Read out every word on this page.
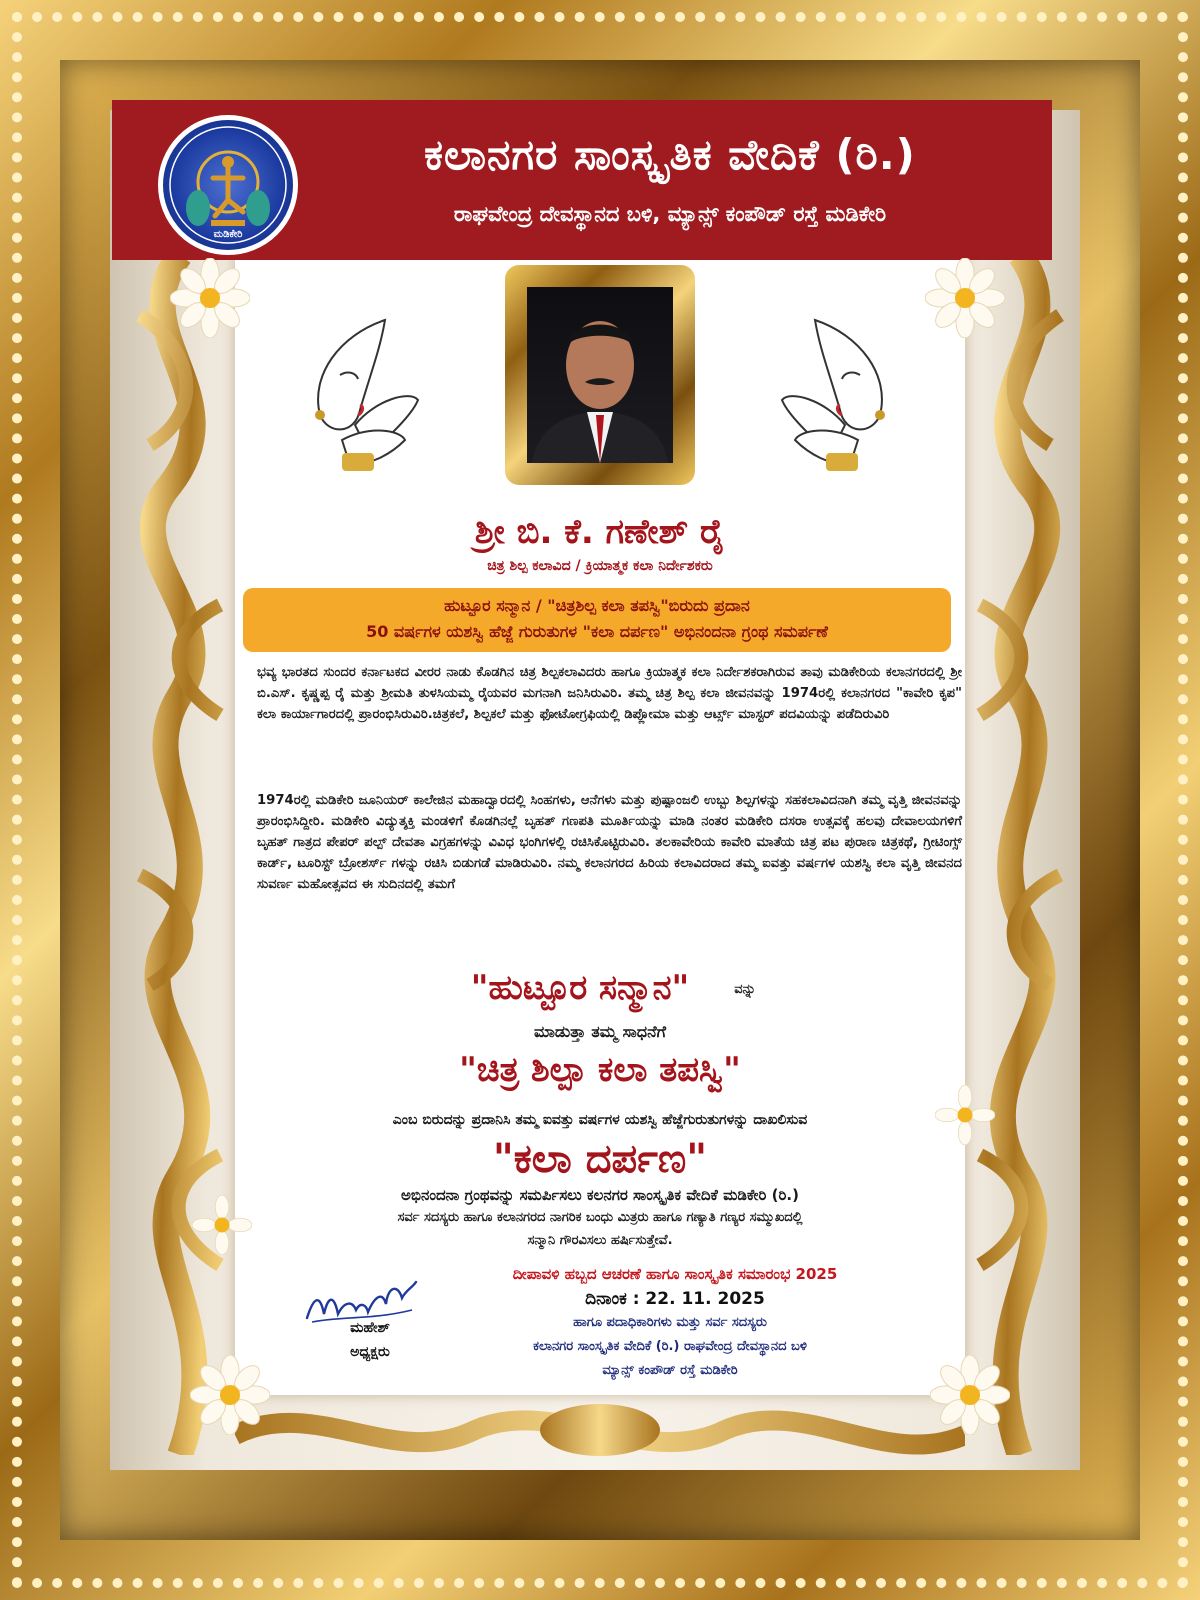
ಮಡಿಕೇರಿ
ಕಲಾನಗರ ಸಾಂಸ್ಕೃತಿಕ ವೇದಿಕೆ (ರಿ.)
ರಾಘವೇಂದ್ರ ದೇವಸ್ಥಾನದ ಬಳಿ, ಮ್ಯಾನ್ಸ್ ಕಂಪೌಡ್ ರಸ್ತೆ ಮಡಿಕೇರಿ
ಶ್ರೀ ಬಿ. ಕೆ. ಗಣೇಶ್ ರೈ
ಚಿತ್ರ ಶಿಲ್ಪ ಕಲಾವಿದ / ಕ್ರಿಯಾತ್ಮಕ ಕಲಾ ನಿರ್ದೇಶಕರು
ಹುಟ್ಟೂರ ಸನ್ಮಾನ / "ಚಿತ್ರಶಿಲ್ಪ ಕಲಾ ತಪಸ್ವಿ"ಬಿರುದು ಪ್ರದಾನ
50 ವರ್ಷಗಳ ಯಶಸ್ವಿ ಹೆಜ್ಜೆ ಗುರುತುಗಳ "ಕಲಾ ದರ್ಪಣ" ಅಭಿನಂದನಾ ಗ್ರಂಥ ಸಮರ್ಪಣೆ
ಭವ್ಯ ಭಾರತದ ಸುಂದರ ಕರ್ನಾಟಕದ ವೀರರ ನಾಡು ಕೊಡಗಿನ ಚಿತ್ರ ಶಿಲ್ಪಕಲಾವಿದರು ಹಾಗೂ ಕ್ರಿಯಾತ್ಮಕ ಕಲಾ ನಿರ್ದೇಶಕರಾಗಿರುವ ತಾವು ಮಡಿಕೇರಿಯ ಕಲಾನಗರದಲ್ಲಿ ಶ್ರೀ ಬಿ.ಎಸ್. ಕೃಷ್ಣಪ್ಪ ರೈ ಮತ್ತು ಶ್ರೀಮತಿ ತುಳಸಿಯಮ್ಮ ರೈಯವರ ಮಗನಾಗಿ ಜನಿಸಿರುವಿರಿ. ತಮ್ಮ ಚಿತ್ರ ಶಿಲ್ಪ ಕಲಾ ಜೀವನವನ್ನು 1974ರಲ್ಲಿ ಕಲಾನಗರದ "ಕಾವೇರಿ ಕೃಪ" ಕಲಾ ಕಾರ್ಯಾಗಾರದಲ್ಲಿ ಪ್ರಾರಂಭಿಸಿರುವಿರಿ.ಚಿತ್ರಕಲೆ, ಶಿಲ್ಪಕಲೆ ಮತ್ತು ಫೋಟೋಗ್ರಫಿಯಲ್ಲಿ ಡಿಪ್ಲೋಮಾ ಮತ್ತು ಆರ್ಟ್ಸ್ ಮಾಸ್ಟರ್ ಪದವಿಯನ್ನು ಪಡೆದಿರುವಿರಿ
1974ರಲ್ಲಿ ಮಡಿಕೇರಿ ಜೂನಿಯರ್ ಕಾಲೇಜಿನ ಮಹಾದ್ವಾರದಲ್ಲಿ ಸಿಂಹಗಳು, ಆನೆಗಳು ಮತ್ತು ಪುಷ್ಪಾಂಜಲಿ ಉಬ್ಬು ಶಿಲ್ಪಗಳನ್ನು ಸಹಕಲಾವಿದನಾಗಿ ತಮ್ಮ ವೃತ್ತಿ ಜೀವನವನ್ನು ಪ್ರಾರಂಭಿಸಿದ್ದೀರಿ. ಮಡಿಕೇರಿ ವಿದ್ಯುತ್ಶಕ್ತಿ ಮಂಡಳಿಗೆ ಕೊಡಗಿನಲ್ಲೆ ಬೃಹತ್ ಗಣಪತಿ ಮೂರ್ತಿಯನ್ನು ಮಾಡಿ ನಂತರ ಮಡಿಕೇರಿ ದಸರಾ ಉತ್ಸವಕ್ಕೆ ಹಲವು ದೇವಾಲಯಗಳಿಗೆ ಬೃಹತ್ ಗಾತ್ರದ ಪೇಪರ್ ಪಲ್ಪ್ ದೇವತಾ ವಿಗ್ರಹಗಳನ್ನು ವಿವಿಧ ಭಂಗಿಗಳಲ್ಲಿ ರಚಿಸಿಕೊಟ್ಟಿರುವಿರಿ. ತಲಕಾವೇರಿಯ ಕಾವೇರಿ ಮಾತೆಯ ಚಿತ್ರ ಪಟ ಪುರಾಣ ಚಿತ್ರಕಥೆ, ಗ್ರೀಟಿಂಗ್ಸ್ ಕಾರ್ಡ್, ಟೂರಿಸ್ಟ್ ಬ್ರೋಶರ್ಸ್ ಗಳನ್ನು ರಚಿಸಿ ಬಿಡುಗಡೆ ಮಾಡಿರುವಿರಿ. ನಮ್ಮ ಕಲಾನಗರದ ಹಿರಿಯ ಕಲಾವಿದರಾದ ತಮ್ಮ ಐವತ್ತು ವರ್ಷಗಳ ಯಶಸ್ವಿ ಕಲಾ ವೃತ್ತಿ ಜೀವನದ ಸುವರ್ಣ ಮಹೋತ್ಸವದ ಈ ಸುದಿನದಲ್ಲಿ ತಮಗೆ
"ಹುಟ್ಟೂರ ಸನ್ಮಾನ"	ವನ್ನು
ಮಾಡುತ್ತಾ ತಮ್ಮ ಸಾಧನೆಗೆ
"ಚಿತ್ರ ಶಿಲ್ಪಾ ಕಲಾ ತಪಸ್ವಿ"
ಎಂಬ ಬಿರುದನ್ನು ಪ್ರದಾನಿಸಿ ತಮ್ಮ ಐವತ್ತು ವರ್ಷಗಳ ಯಶಸ್ವಿ ಹೆಜ್ಜೆಗುರುತುಗಳನ್ನು ದಾಖಲಿಸುವ
"ಕಲಾ ದರ್ಪಣ"
ಅಭಿನಂದನಾ ಗ್ರಂಥವನ್ನು ಸಮರ್ಪಿಸಲು ಕಲನಗರ ಸಾಂಸ್ಕೃತಿಕ ವೇದಿಕೆ ಮಡಿಕೇರಿ (ರಿ.)
ಸರ್ವ ಸದಸ್ಯರು ಹಾಗೂ ಕಲಾನಗರದ ನಾಗರಿಕ ಬಂಧು ಮಿತ್ರರು ಹಾಗೂ ಗಣ್ಯಾತಿ ಗಣ್ಯರ ಸಮ್ಮುಖದಲ್ಲಿ
ಸನ್ಮಾನಿ ಗೌರವಿಸಲು ಹರ್ಷಿಸುತ್ತೇವೆ.
ದೀಪಾವಳಿ ಹಬ್ಬದ ಆಚರಣೆ ಹಾಗೂ ಸಾಂಸ್ಕೃತಿಕ ಸಮಾರಂಭ 2025
ದಿನಾಂಕ : 22. 11. 2025
ಹಾಗೂ ಪದಾಧಿಕಾರಿಗಳು ಮತ್ತು ಸರ್ವ ಸದಸ್ಯರು
ಕಲಾನಗರ ಸಾಂಸ್ಕೃತಿಕ ವೇದಿಕೆ (ರಿ.) ರಾಘವೇಂದ್ರ ದೇವಸ್ಥಾನದ ಬಳಿ
ಮ್ಯಾನ್ಸ್ ಕಂಪೌಡ್ ರಸ್ತೆ ಮಡಿಕೇರಿ
ಮಹೇಶ್
ಅಧ್ಯಕ್ಷರು
